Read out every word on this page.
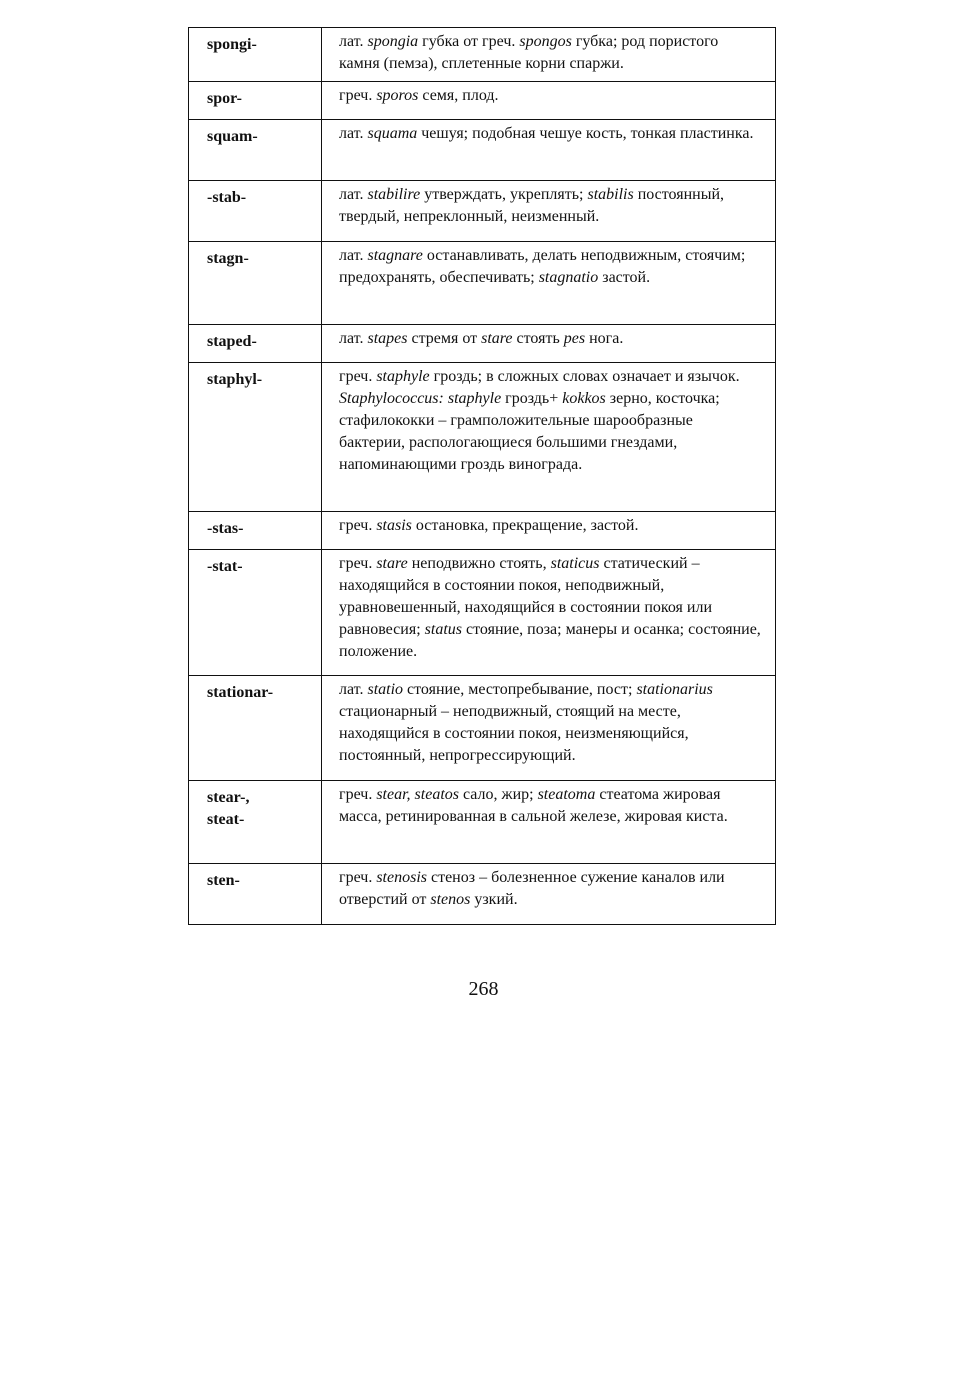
spongi-	лат. spongia губка от греч. spongos губка; род пористого камня (пемза), сплетенные корни спаржи.

spor-	греч. sporos семя, плод.

squam-	лат. squama чешуя; подобная чешуе кость, тонкая пластинка.

-stab-	лат. stabilire утверждать, укреплять; stabilis постоянный, твердый, непреклонный, неизменный.

stagn-	лат. stagnare останавливать, делать неподвижным, стоячим; предохранять, обеспечивать; stagnatio застой.

staped-	лат. stapes стремя от stare стоять pes нога.

staphyl-	греч. staphyle гроздь; в сложных словах означает и язычок. Staphylococcus: staphyle гроздь+ kokkos зерно, косточка; стафилококки – грамположительные шарообразные бактерии, распологающиеся большими гнездами, напоминающими гроздь винограда.

-stas-	греч. stasis остановка, прекращение, застой.

-stat-	греч. stare неподвижно стоять, staticus статический – находящийся в состоянии покоя, неподвижный, уравновешенный, находящийся в состоянии покоя или равновесия; status стояние, поза; манеры и осанка; состояние, положение.

stationar-	лат. statio стояние, местопребывание, пост; stationarius стационарный – неподвижный, стоящий на месте, находящийся в состоянии покоя, неизменяющийся, постоянный, непрогрессирующий.

stear-,
steat-	греч. stear, steatos сало, жир; steatoma стеатома жировая масса, ретинированная в сальной железе, жировая киста.

sten-	греч. stenosis стеноз – болезненное сужение каналов или отверстий от stenos узкий.
268
